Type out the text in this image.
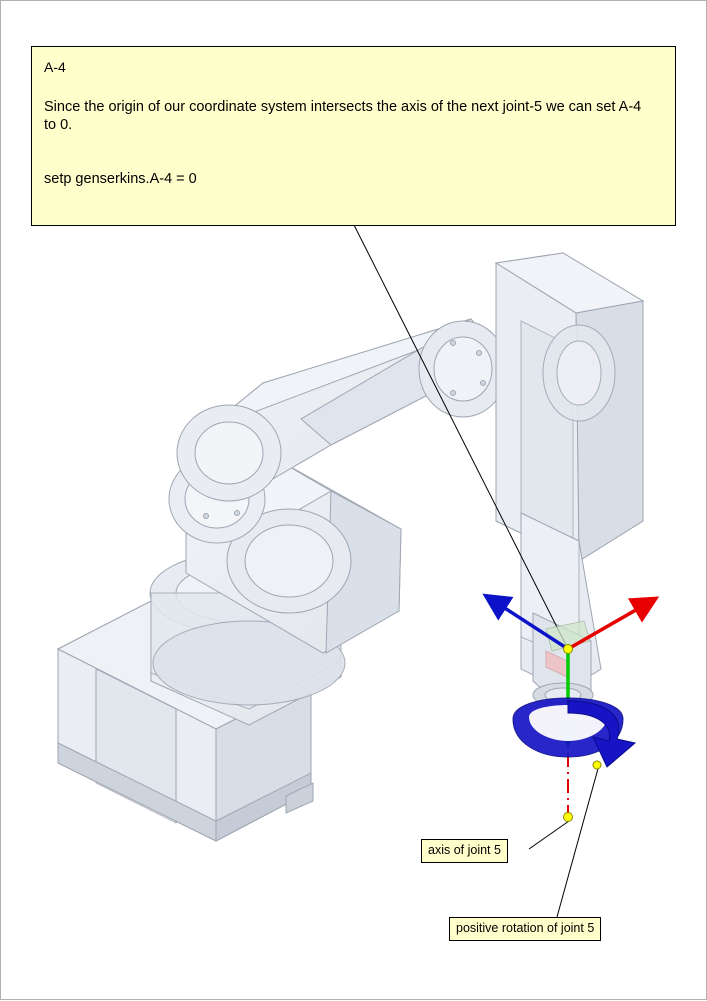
A-4
Since the origin of our coordinate system intersects the axis of the next joint-5 we can set A-4 to 0.
setp genserkins.A-4 = 0
axis of joint 5
positive rotation of joint 5
